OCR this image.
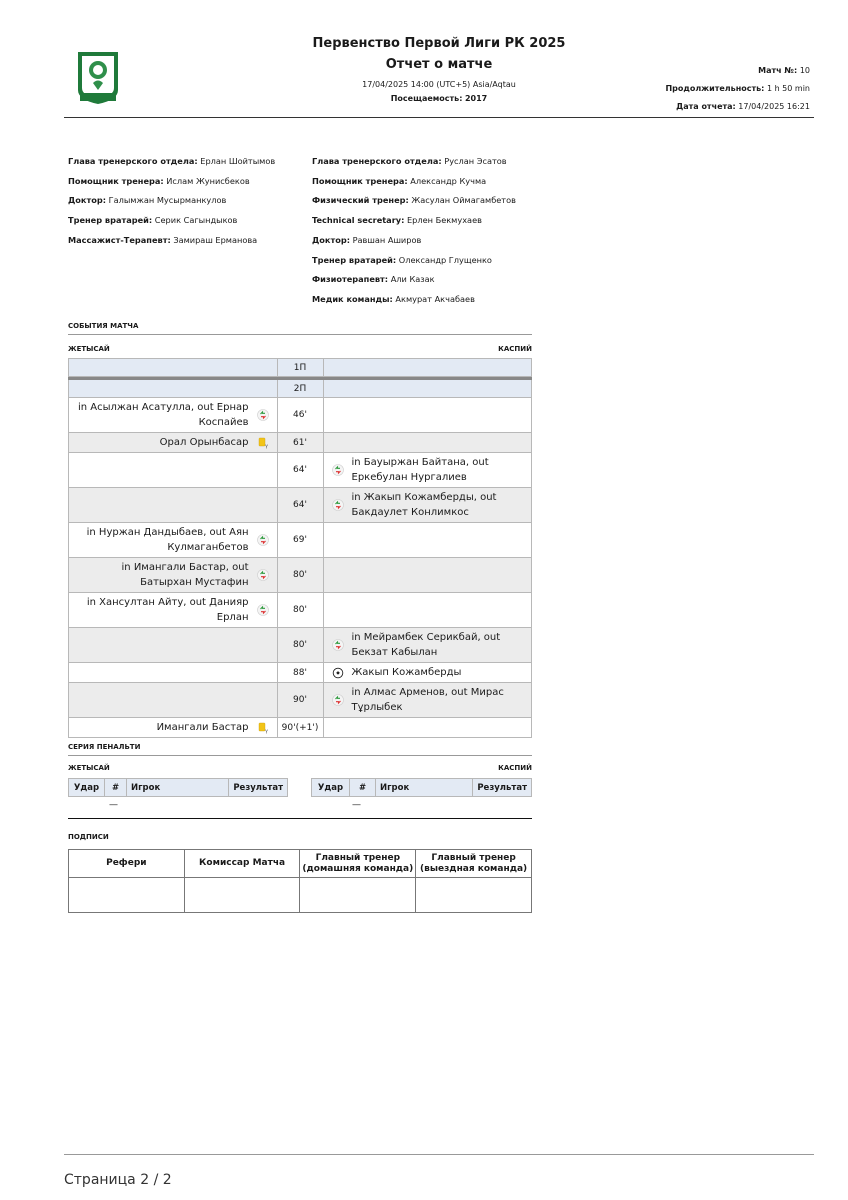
Первенство Первой Лиги РК 2025
Отчет о матче
17/04/2025 14:00 (UTC+5) Asia/Aqtau
Посещаемость: 2017
Матч №: 10
Продолжительность: 1 h 50 min
Дата отчета: 17/04/2025 16:21
Глава тренерского отдела: Ерлан Шойтымов
Помощник тренера: Ислам Жунисбеков
Доктор: Галымжан Мусырманкулов
Тренер вратарей: Серик Сагындыков
Массажист-Терапевт: Замираш Ерманова
Глава тренерского отдела: Руслан Эсатов
Помощник тренера: Александр Кучма
Физический тренер: Жасулан Оймагамбетов
Technical secretary: Ерлен Бекмухаев
Доктор: Равшан Аширов
Тренер вратарей: Олександр Глущенко
Физиотерапевт: Али Казак
Медик команды: Акмурат Акчабаев
СОБЫТИЯ МАТЧА
ЖЕТЫСАЙ	КАСПИЙ
	1П	

	2П	

in Асылжан Асатулла, out Ернар Коспайев	46'	

Орал Орынбасар Y	61'	
	64'	in Бауыржан Байтана, out Еркебулан Нургалиев

	64'	in Жакып Кожамберды, out Бакдаулет Конлимкос

in Нуржан Дандыбаев, out Аян Кулмаганбетов	69'	

in Имангали Бастар, out Батырхан Мустафин	80'	

in Хансултан Айту, out Данияр Ерлан	80'	
	80'	in Мейрамбек Серикбай, out Бекзат Кабылан

	88'	Жакып Кожамберды

	90'	in Алмас Арменов, out Мирас Тұрлыбек

Имангали Бастар Y	90'(+1')	
СЕРИЯ ПЕНАЛЬТИ
ЖЕТЫСАЙ	КАСПИЙ
Удар	#	Игрок	Результат	Удар	#	Игрок	Результат
—	—
ПОДПИСИ
Рефери	Комиссар Матча	Главный тренер (домашняя команда)	Главный тренер (выездная команда)

Страница 2 / 2
